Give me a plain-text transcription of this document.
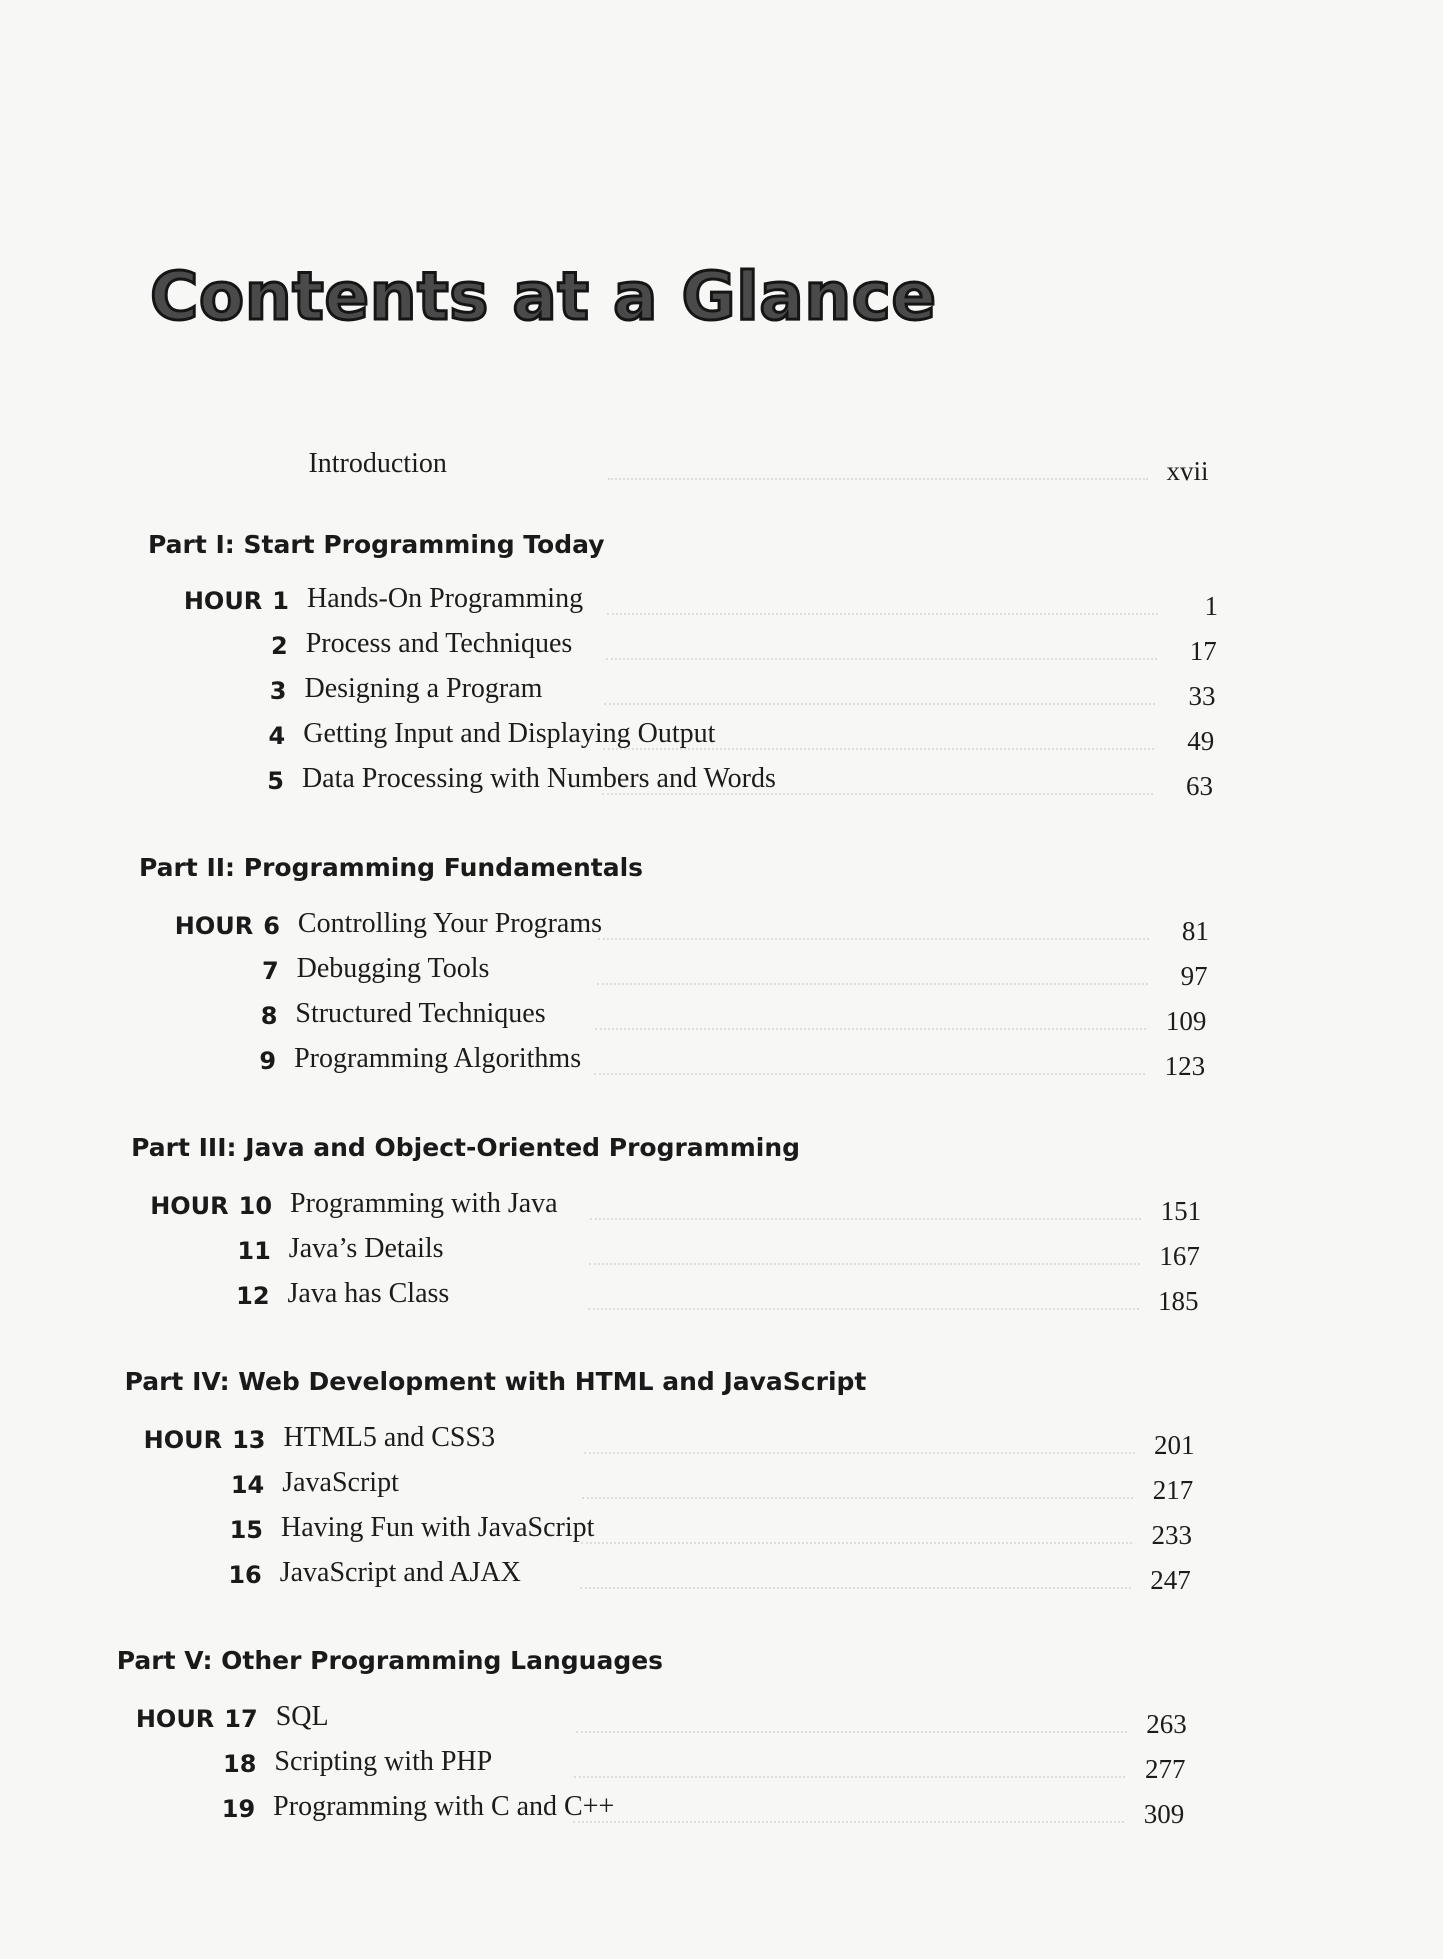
Contents at a Glance
Introduction	xvii
Part I: Start Programming Today
HOUR 1 Hands-On Programming	1
2 Process and Techniques	17
3 Designing a Program	33
4 Getting Input and Displaying Output	49
5 Data Processing with Numbers and Words	63
Part II: Programming Fundamentals
HOUR 6 Controlling Your Programs	81
7 Debugging Tools	97
8 Structured Techniques	109
9 Programming Algorithms	123
Part III: Java and Object-Oriented Programming
HOUR 10 Programming with Java	151
11 Java’s Details	167
12 Java has Class	185
Part IV: Web Development with HTML and JavaScript
HOUR 13 HTML5 and CSS3	201
14 JavaScript	217
15 Having Fun with JavaScript	233
16 JavaScript and AJAX	247
Part V: Other Programming Languages
HOUR 17 SQL	263
18 Scripting with PHP	277
19 Programming with C and C++	309
